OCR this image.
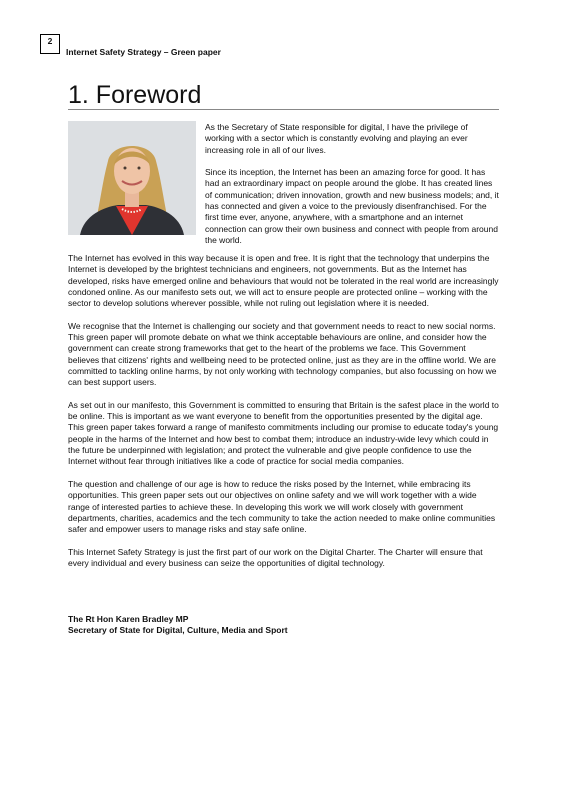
2
Internet Safety Strategy – Green paper
1. Foreword

As the Secretary of State responsible for digital, I have the privilege of working with a sector which is constantly evolving and playing an ever increasing role in all of our lives.

Since its inception, the Internet has been an amazing force for good. It has had an extraordinary impact on people around the globe. It has created lines of communication; driven innovation, growth and new business models; and, it has connected and given a voice to the previously disenfranchised. For the first time ever, anyone, anywhere, with a smartphone and an internet connection can grow their own business and connect with people from around the world.

The Internet has evolved in this way because it is open and free. It is right that the technology that underpins the Internet is developed by the brightest technicians and engineers, not governments. But as the Internet has developed, risks have emerged online and behaviours that would not be tolerated in the real world are increasingly condoned online. As our manifesto sets out, we will act to ensure people are protected online – working with the sector to develop solutions wherever possible, while not ruling out legislation where it is needed.

We recognise that the Internet is challenging our society and that government needs to react to new social norms. This green paper will promote debate on what we think acceptable behaviours are online, and consider how the government can create strong frameworks that get to the heart of the problems we face. This Government believes that citizens' rights and wellbeing need to be protected online, just as they are in the offline world. We are committed to tackling online harms, by not only working with technology companies, but also focussing on how we can best support users.

As set out in our manifesto, this Government is committed to ensuring that Britain is the safest place in the world to be online. This is important as we want everyone to benefit from the opportunities presented by the digital age. This green paper takes forward a range of manifesto commitments including our promise to educate today's young people in the harms of the Internet and how best to combat them; introduce an industry-wide levy which could in the future be underpinned with legislation; and protect the vulnerable and give people confidence to use the Internet without fear through initiatives like a code of practice for social media companies.

The question and challenge of our age is how to reduce the risks posed by the Internet, while embracing its opportunities. This green paper sets out our objectives on online safety and we will work together with a wide range of interested parties to achieve these. In developing this work we will work closely with government departments, charities, academics and the tech community to take the action needed to make online communities safer and empower users to manage risks and stay safe online.

This Internet Safety Strategy is just the first part of our work on the Digital Charter. The Charter will ensure that every individual and every business can seize the opportunities of digital technology.

The Rt Hon Karen Bradley MP
Secretary of State for Digital, Culture, Media and Sport
